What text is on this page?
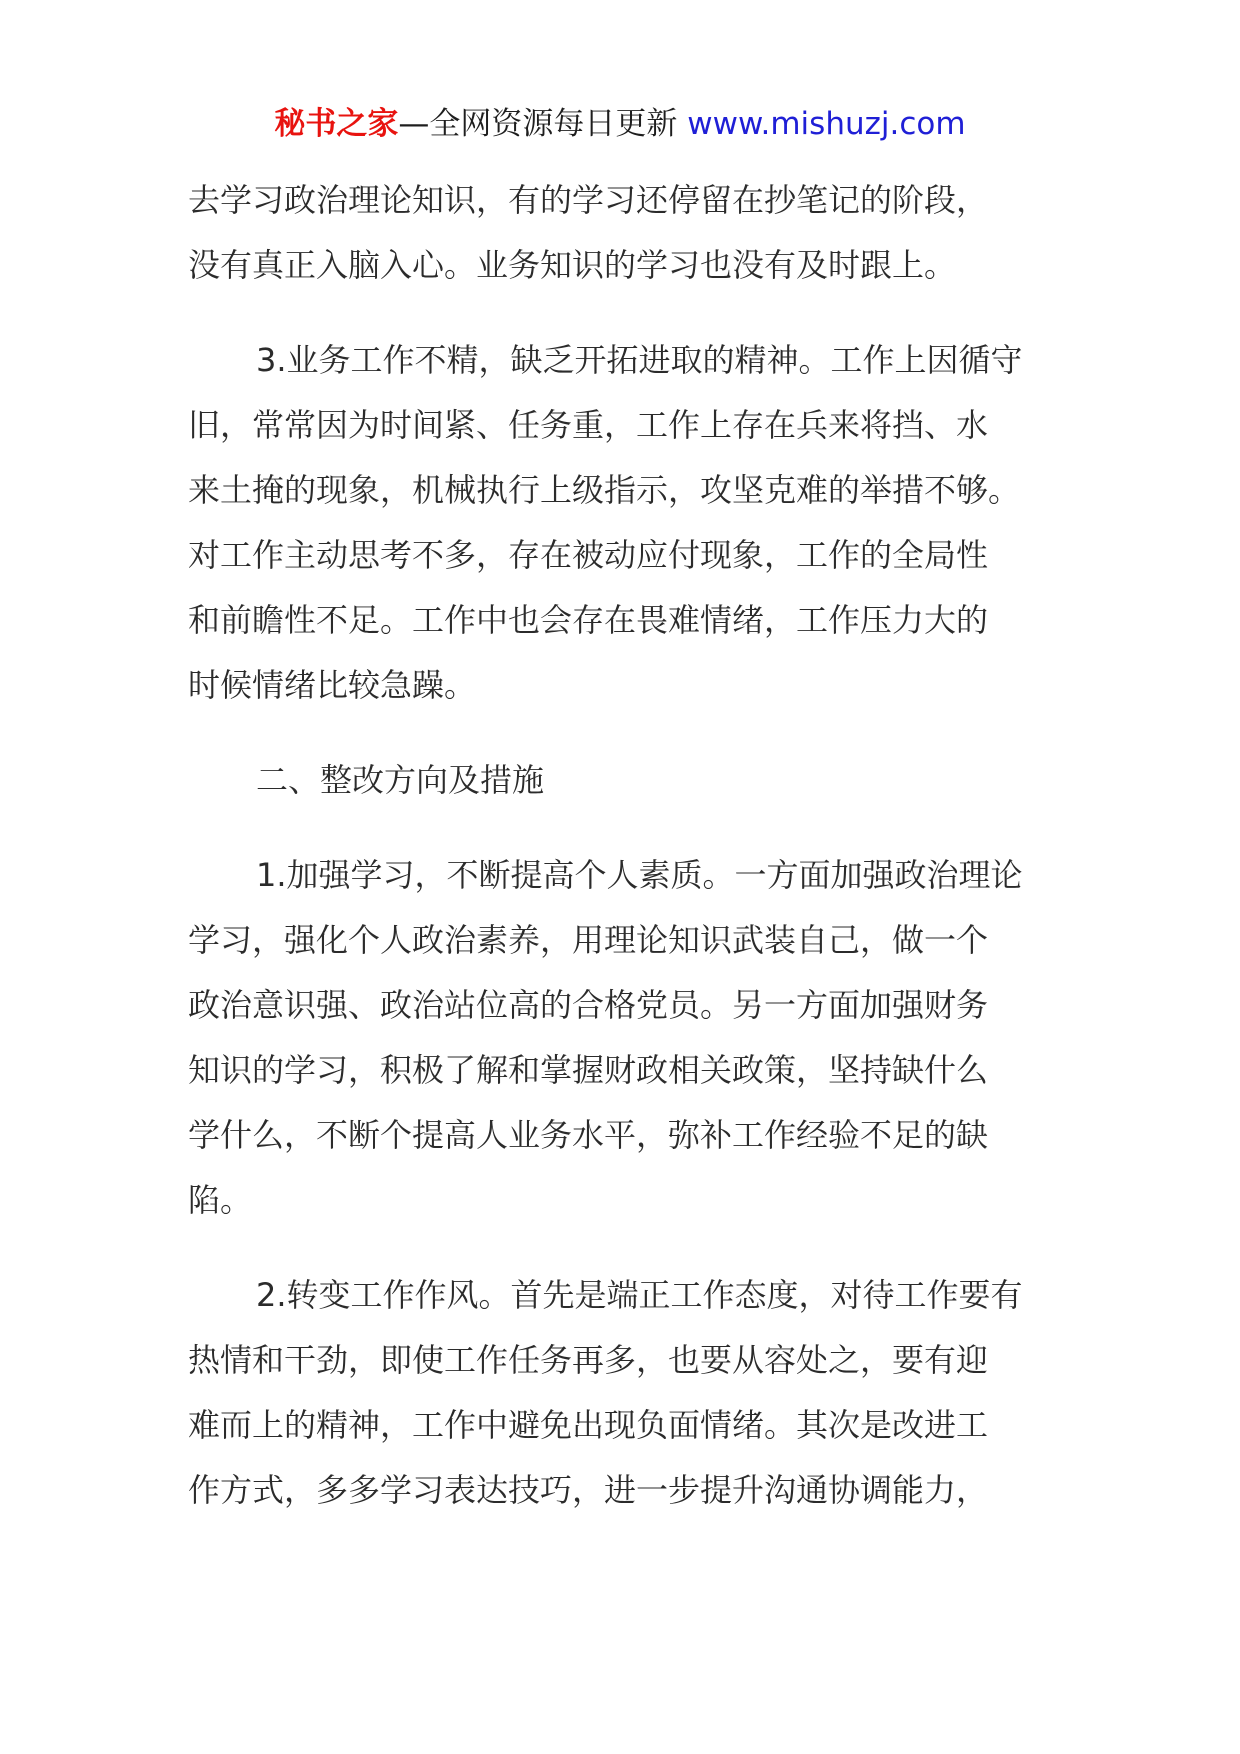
秘书之家—全网资源每日更新 www.mishuzj.com
去学习政治理论知识，有的学习还停留在抄笔记的阶段，
没有真正入脑入心。业务知识的学习也没有及时跟上。
3.业务工作不精，缺乏开拓进取的精神。工作上因循守
旧，常常因为时间紧、任务重，工作上存在兵来将挡、水
来土掩的现象，机械执行上级指示，攻坚克难的举措不够。
对工作主动思考不多，存在被动应付现象，工作的全局性
和前瞻性不足。工作中也会存在畏难情绪，工作压力大的
时候情绪比较急躁。
二、整改方向及措施
1.加强学习，不断提高个人素质。一方面加强政治理论
学习，强化个人政治素养，用理论知识武装自己，做一个
政治意识强、政治站位高的合格党员。另一方面加强财务
知识的学习，积极了解和掌握财政相关政策，坚持缺什么
学什么，不断个提高人业务水平，弥补工作经验不足的缺
陷。
2.转变工作作风。首先是端正工作态度，对待工作要有
热情和干劲，即使工作任务再多，也要从容处之，要有迎
难而上的精神，工作中避免出现负面情绪。其次是改进工
作方式，多多学习表达技巧，进一步提升沟通协调能力，
